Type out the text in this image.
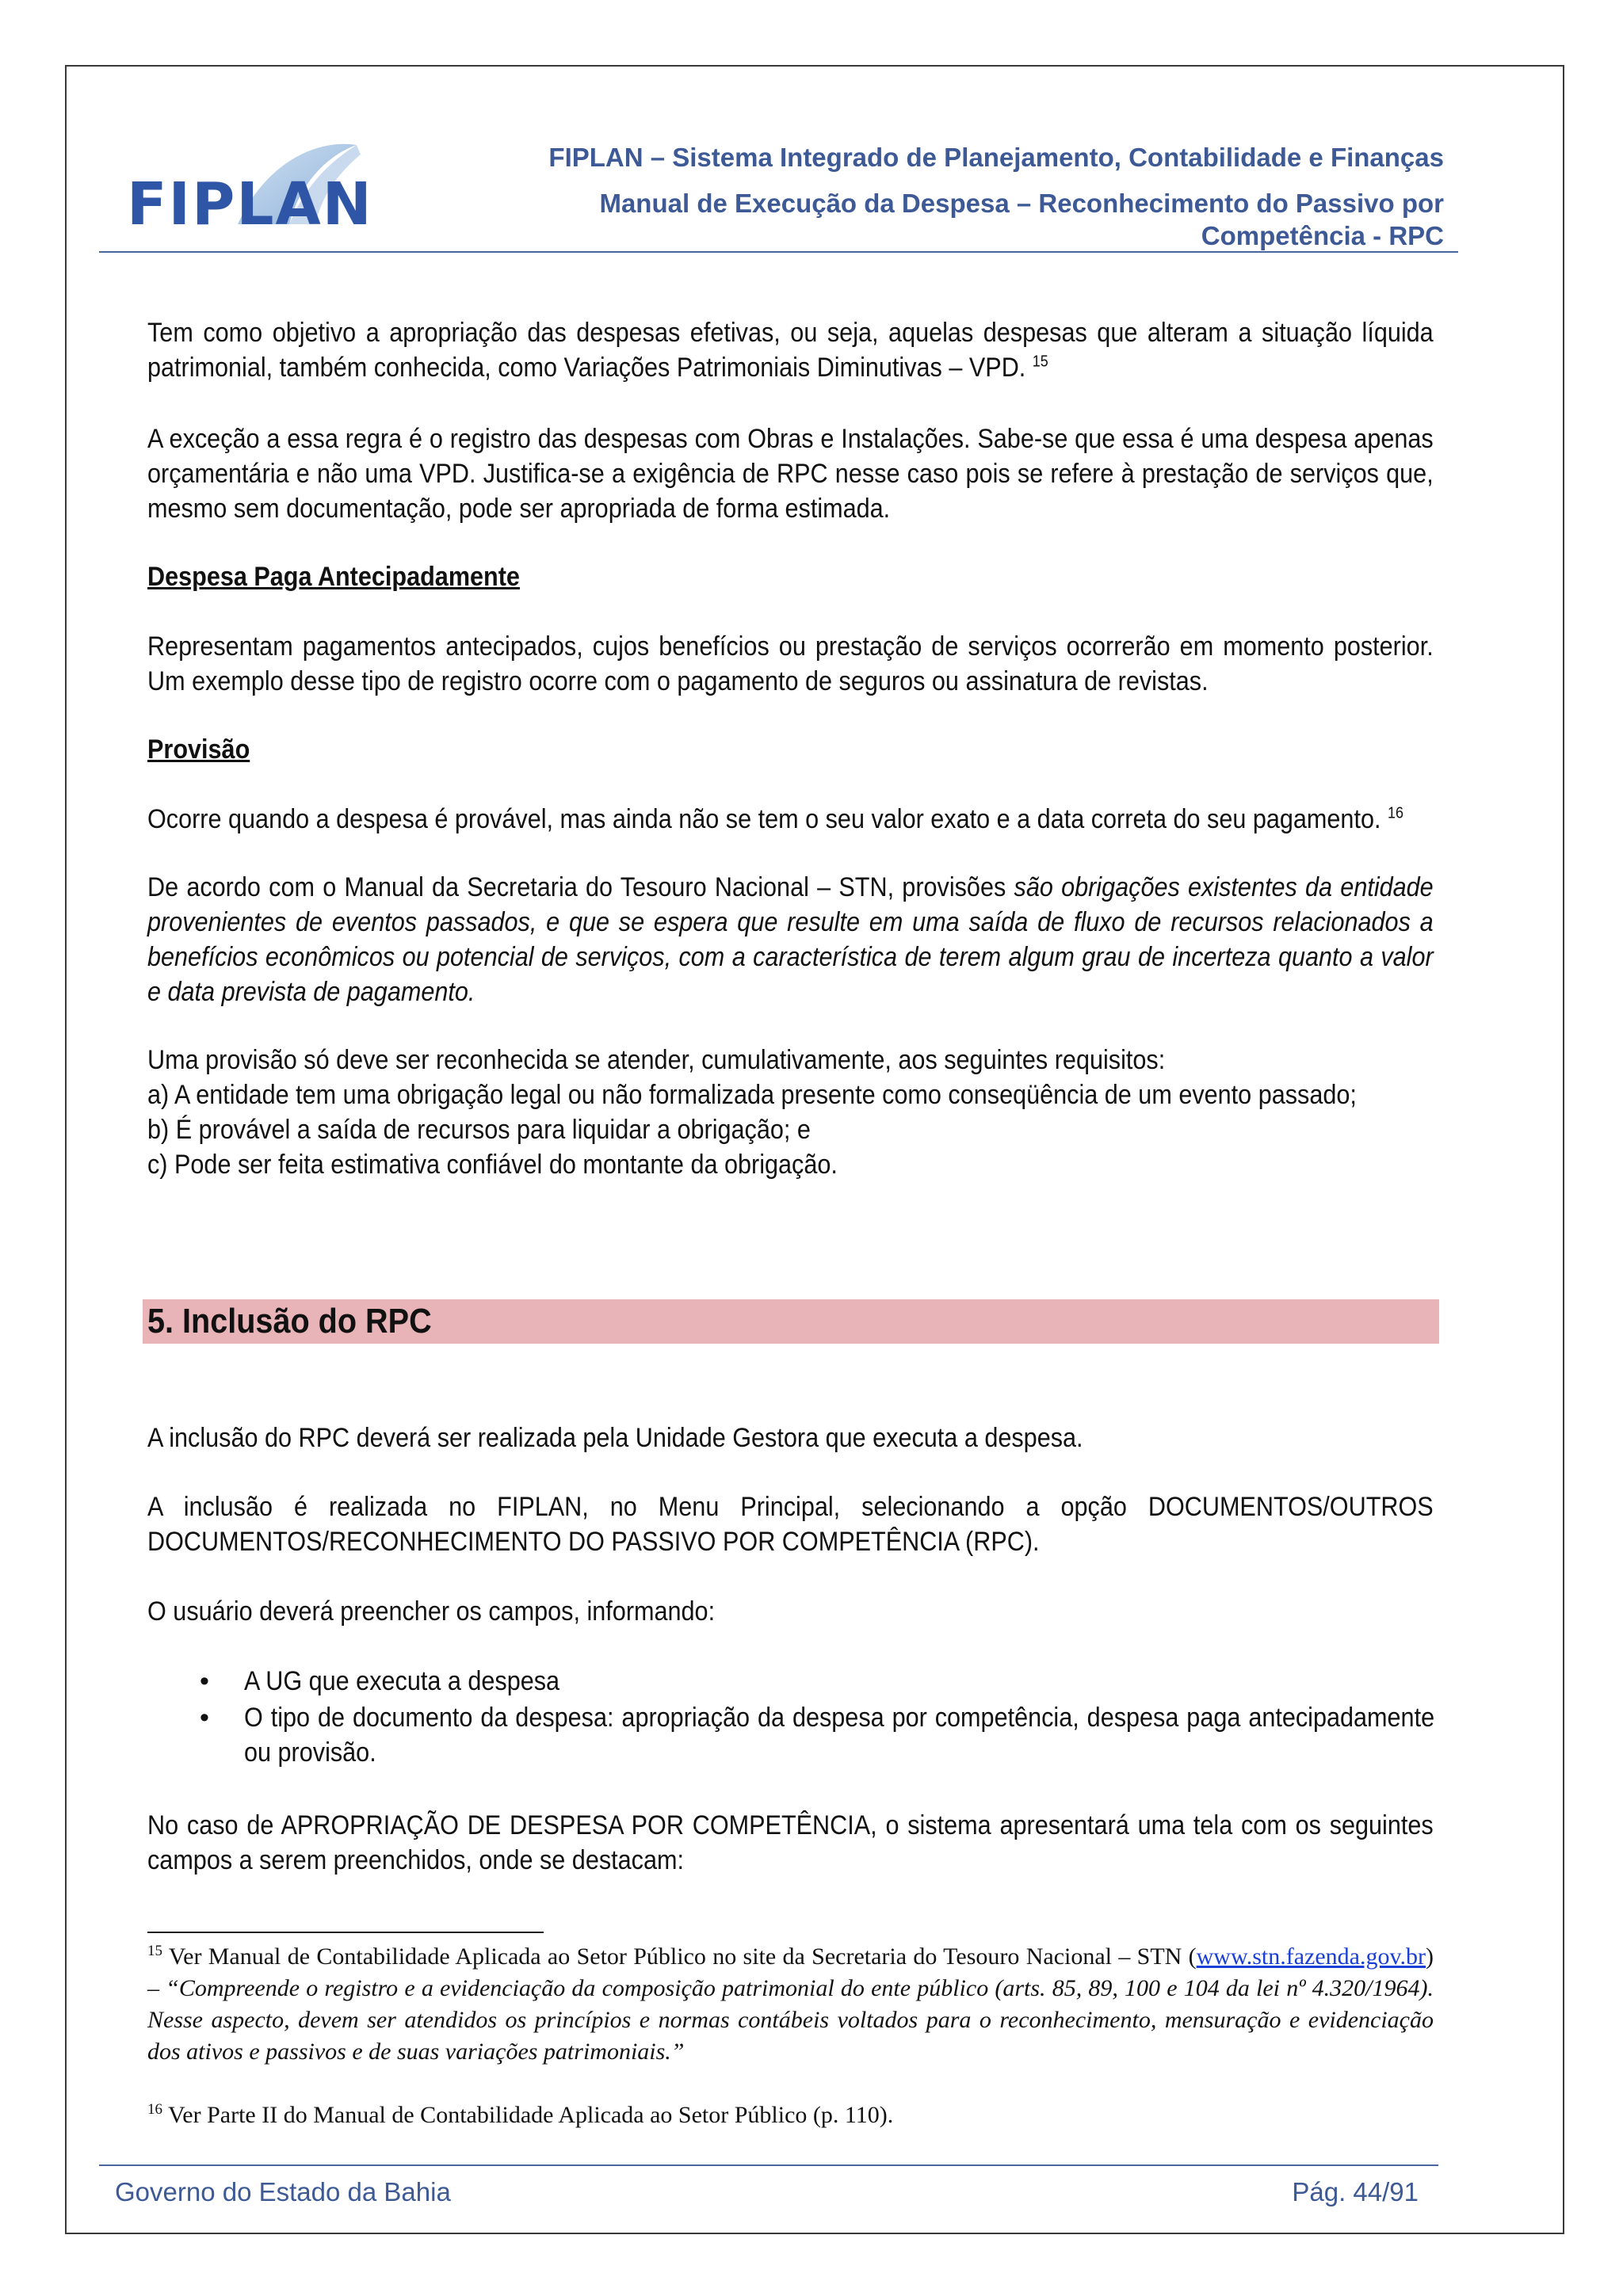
FIPLAN
FIPLAN – Sistema Integrado de Planejamento, Contabilidade e Finanças
Manual de Execução da Despesa – Reconhecimento do Passivo por
Competência - RPC
Tem como objetivo a apropriação das despesas efetivas, ou seja, aquelas despesas que alteram a situação líquida patrimonial, também conhecida, como Variações Patrimoniais Diminutivas – VPD. $^{15}$
A exceção a essa regra é o registro das despesas com Obras e Instalações. Sabe-se que essa é uma despesa apenas orçamentária e não uma VPD. Justifica-se a exigência de RPC nesse caso pois se refere à prestação de serviços que, mesmo sem documentação, pode ser apropriada de forma estimada.
Despesa Paga Antecipadamente
Representam pagamentos antecipados, cujos benefícios ou prestação de serviços ocorrerão em momento posterior. Um exemplo desse tipo de registro ocorre com o pagamento de seguros ou assinatura de revistas.
Provisão
Ocorre quando a despesa é provável, mas ainda não se tem o seu valor exato e a data correta do seu pagamento. $^{16}$
De acordo com o Manual da Secretaria do Tesouro Nacional – STN, provisões são obrigações existentes da entidade provenientes de eventos passados, e que se espera que resulte em uma saída de fluxo de recursos relacionados a benefícios econômicos ou potencial de serviços, com a característica de terem algum grau de incerteza quanto a valor e data prevista de pagamento.
Uma provisão só deve ser reconhecida se atender, cumulativamente, aos seguintes requisitos:
a) A entidade tem uma obrigação legal ou não formalizada presente como conseqüência de um evento passado;
b) É provável a saída de recursos para liquidar a obrigação; e
c) Pode ser feita estimativa confiável do montante da obrigação.
5. Inclusão do RPC
A inclusão do RPC deverá ser realizada pela Unidade Gestora que executa a despesa.
A inclusão é realizada no FIPLAN, no Menu Principal, selecionando a opção DOCUMENTOS/OUTROS DOCUMENTOS/RECONHECIMENTO DO PASSIVO POR COMPETÊNCIA (RPC).
O usuário deverá preencher os campos, informando:
• A UG que executa a despesa
• O tipo de documento da despesa: apropriação da despesa por competência, despesa paga antecipadamente ou provisão.
No caso de APROPRIAÇÃO DE DESPESA POR COMPETÊNCIA, o sistema apresentará uma tela com os seguintes campos a serem preenchidos, onde se destacam:
$^{15}$ Ver Manual de Contabilidade Aplicada ao Setor Público no site da Secretaria do Tesouro Nacional – STN (www.stn.fazenda.gov.br) – “Compreende o registro e a evidenciação da composição patrimonial do ente público (arts. 85, 89, 100 e 104 da lei nº 4.320/1964). Nesse aspecto, devem ser atendidos os princípios e normas contábeis voltados para o reconhecimento, mensuração e evidenciação dos ativos e passivos e de suas variações patrimoniais.”
$^{16}$ Ver Parte II do Manual de Contabilidade Aplicada ao Setor Público (p. 110).
Governo do Estado da Bahia	Pág. 44/91
